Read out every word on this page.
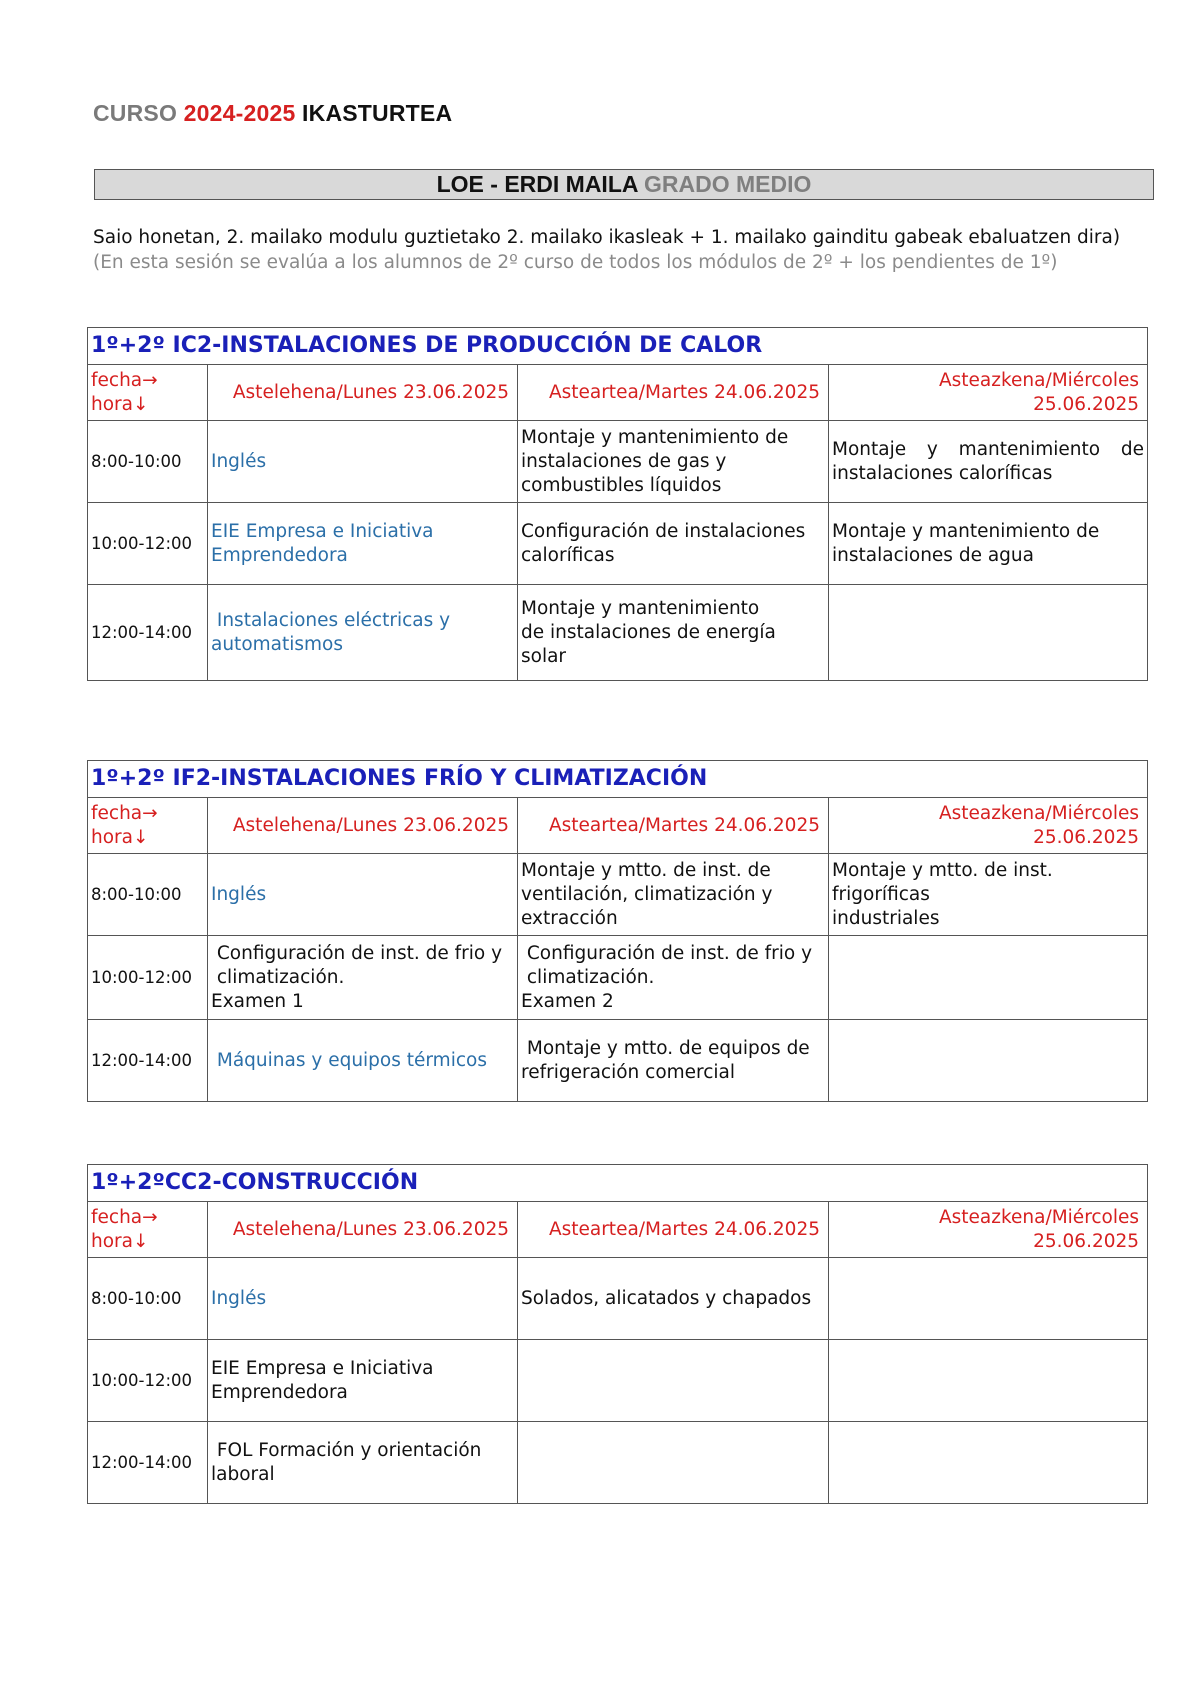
CURSO 2024-2025 IKASTURTEA
LOE - ERDI MAILA GRADO MEDIO
Saio honetan, 2. mailako modulu guztietako 2. mailako ikasleak + 1. mailako gainditu gabeak ebaluatzen dira)
(En esta sesión se evalúa a los alumnos de 2º curso de todos los módulos de 2º + los pendientes de 1º)
1º+2º IC2-INSTALACIONES DE PRODUCCIÓN DE CALOR			

fecha→
hora↓	Astelehena/Lunes 23.06.2025	Asteartea/Martes 24.06.2025	Asteazkena/Miércoles 25.06.2025
8:00-10:00	Inglés	Montaje y mantenimiento de
instalaciones de gas y
combustibles líquidos	Montaje y mantenimiento de
instalaciones caloríficas

10:00-12:00	EIE Empresa e Iniciativa
Emprendedora	Configuración de instalaciones
caloríficas	Montaje y mantenimiento de
instalaciones de agua

12:00-14:00	Instalaciones eléctricas y
automatismos	Montaje y mantenimiento
de instalaciones de energía solar	

1º+2º IF2-INSTALACIONES FRÍO Y CLIMATIZACIÓN			

fecha→
hora↓	Astelehena/Lunes 23.06.2025	Asteartea/Martes 24.06.2025	Asteazkena/Miércoles 25.06.2025
8:00-10:00	Inglés	Montaje y mtto. de inst. de
ventilación, climatización y
extracción	Montaje y mtto. de inst. frigoríficas
industriales

10:00-12:00	Configuración de inst. de frio y
climatización.
Examen 1	Configuración de inst. de frio y
climatización.
Examen 2	

12:00-14:00	Máquinas y equipos térmicos	Montaje y mtto. de equipos de
refrigeración comercial	

1º+2ºCC2-CONSTRUCCIÓN			

fecha→
hora↓	Astelehena/Lunes 23.06.2025	Asteartea/Martes 24.06.2025	Asteazkena/Miércoles 25.06.2025
8:00-10:00	Inglés	Solados, alicatados y chapados	

10:00-12:00	EIE Empresa e Iniciativa
Emprendedora		

12:00-14:00	FOL Formación y orientación
laboral		
